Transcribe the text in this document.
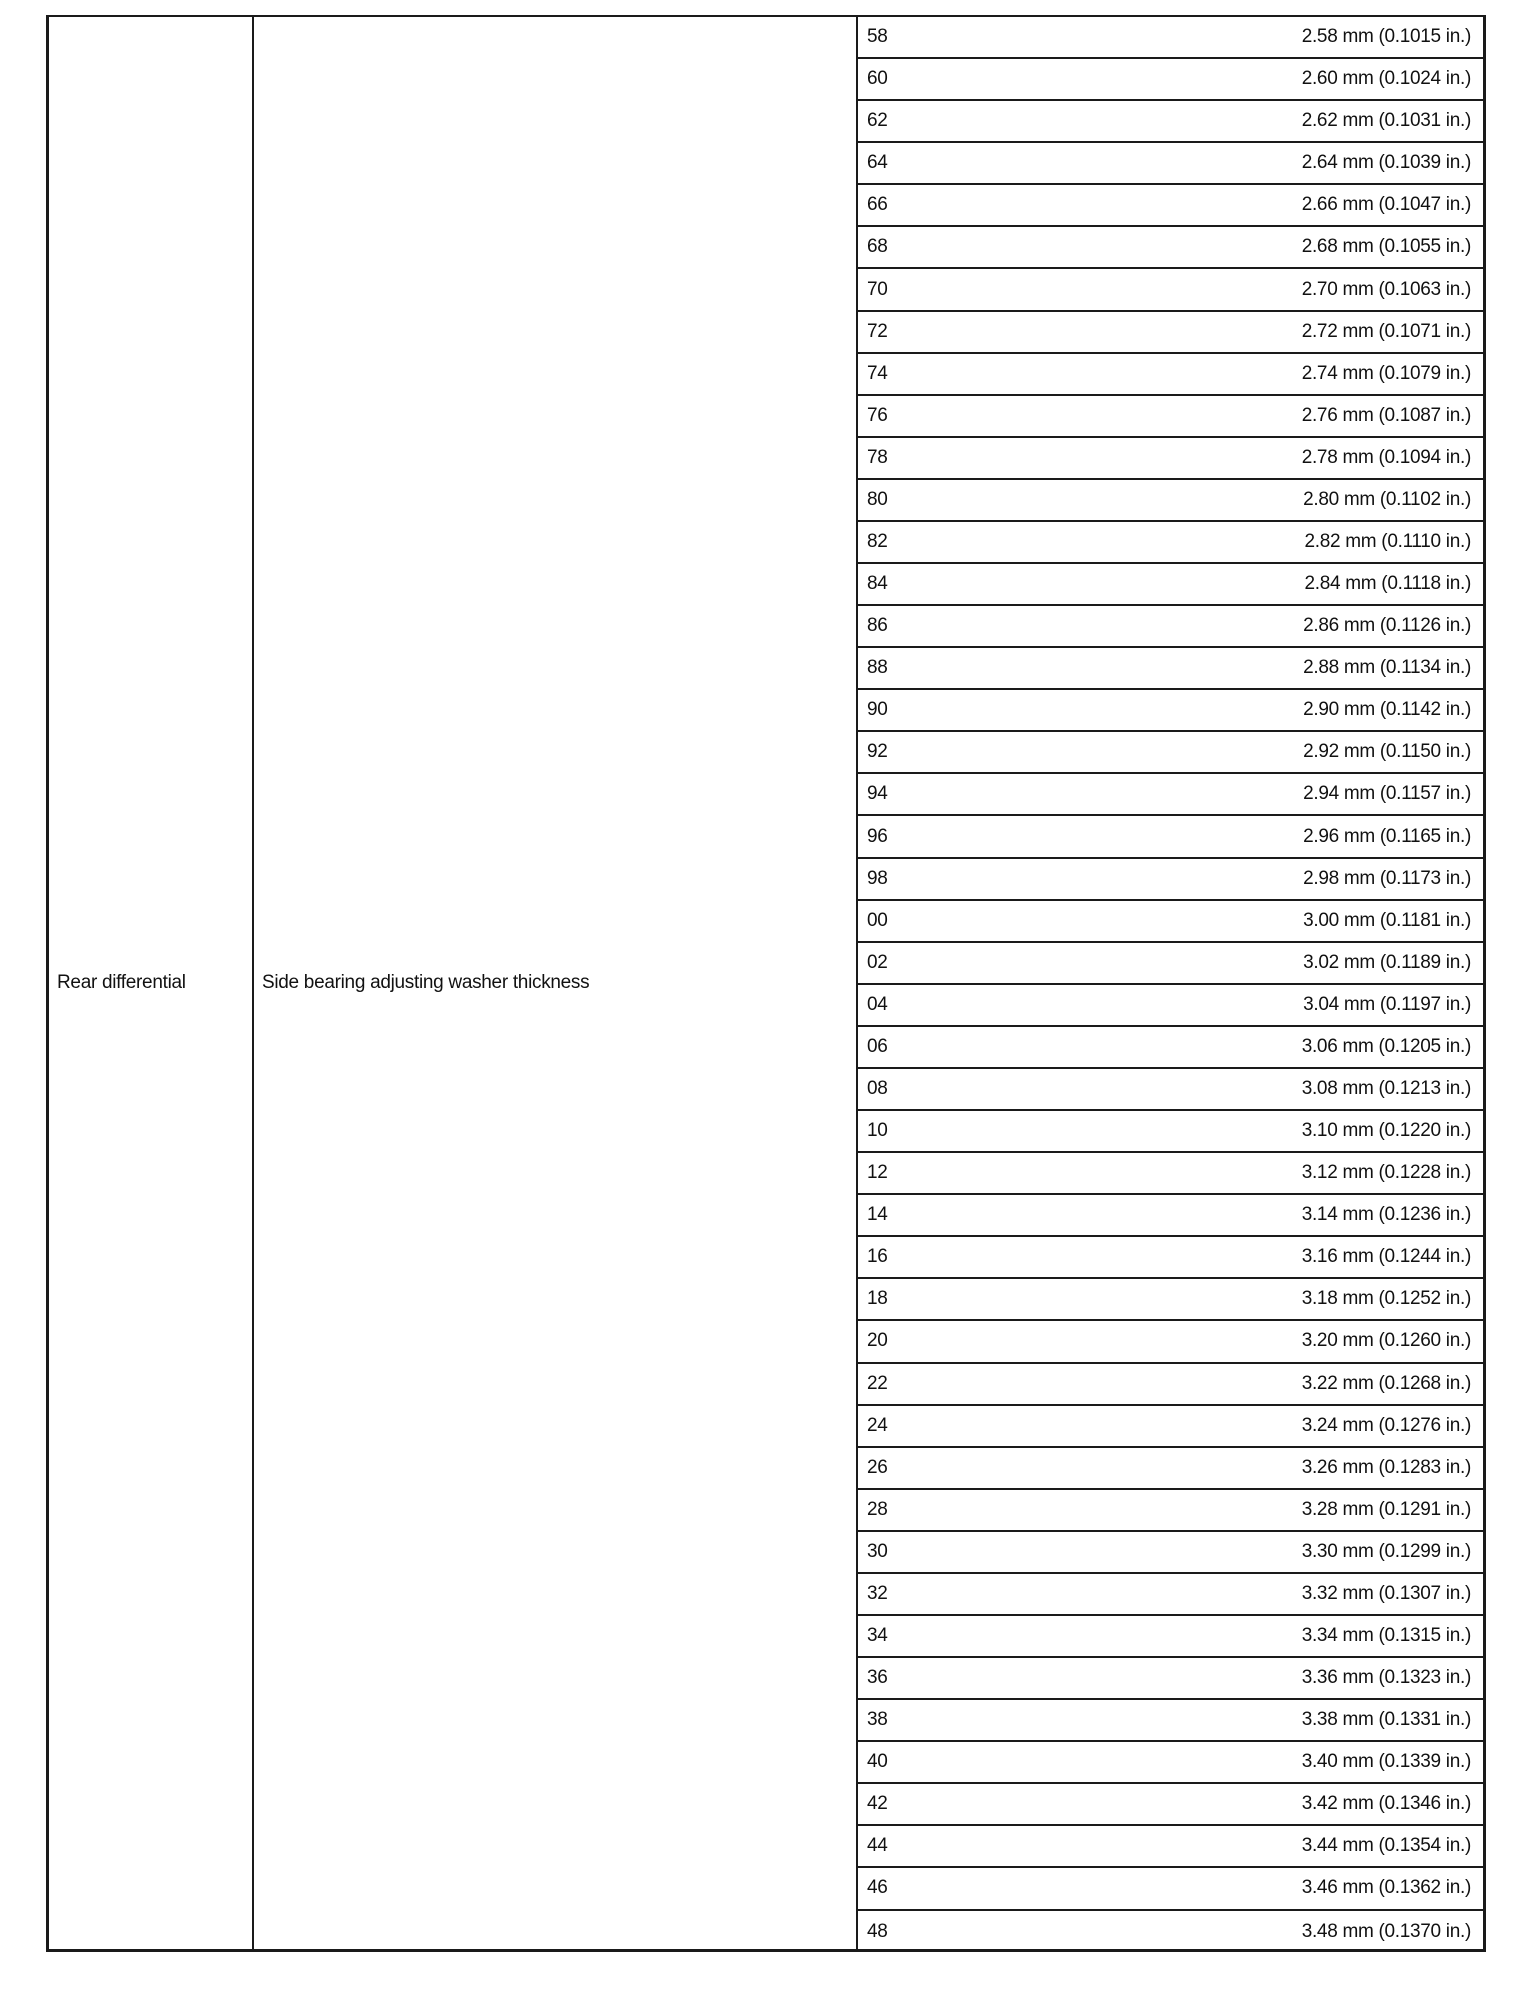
Rear differential	Side bearing adjusting washer thickness
58	2.58 mm (0.1015 in.)
60	2.60 mm (0.1024 in.)
62	2.62 mm (0.1031 in.)
64	2.64 mm (0.1039 in.)
66	2.66 mm (0.1047 in.)
68	2.68 mm (0.1055 in.)
70	2.70 mm (0.1063 in.)
72	2.72 mm (0.1071 in.)
74	2.74 mm (0.1079 in.)
76	2.76 mm (0.1087 in.)
78	2.78 mm (0.1094 in.)
80	2.80 mm (0.1102 in.)
82	2.82 mm (0.1110 in.)
84	2.84 mm (0.1118 in.)
86	2.86 mm (0.1126 in.)
88	2.88 mm (0.1134 in.)
90	2.90 mm (0.1142 in.)
92	2.92 mm (0.1150 in.)
94	2.94 mm (0.1157 in.)
96	2.96 mm (0.1165 in.)
98	2.98 mm (0.1173 in.)
00	3.00 mm (0.1181 in.)
02	3.02 mm (0.1189 in.)
04	3.04 mm (0.1197 in.)
06	3.06 mm (0.1205 in.)
08	3.08 mm (0.1213 in.)
10	3.10 mm (0.1220 in.)
12	3.12 mm (0.1228 in.)
14	3.14 mm (0.1236 in.)
16	3.16 mm (0.1244 in.)
18	3.18 mm (0.1252 in.)
20	3.20 mm (0.1260 in.)
22	3.22 mm (0.1268 in.)
24	3.24 mm (0.1276 in.)
26	3.26 mm (0.1283 in.)
28	3.28 mm (0.1291 in.)
30	3.30 mm (0.1299 in.)
32	3.32 mm (0.1307 in.)
34	3.34 mm (0.1315 in.)
36	3.36 mm (0.1323 in.)
38	3.38 mm (0.1331 in.)
40	3.40 mm (0.1339 in.)
42	3.42 mm (0.1346 in.)
44	3.44 mm (0.1354 in.)
46	3.46 mm (0.1362 in.)
48	3.48 mm (0.1370 in.)
